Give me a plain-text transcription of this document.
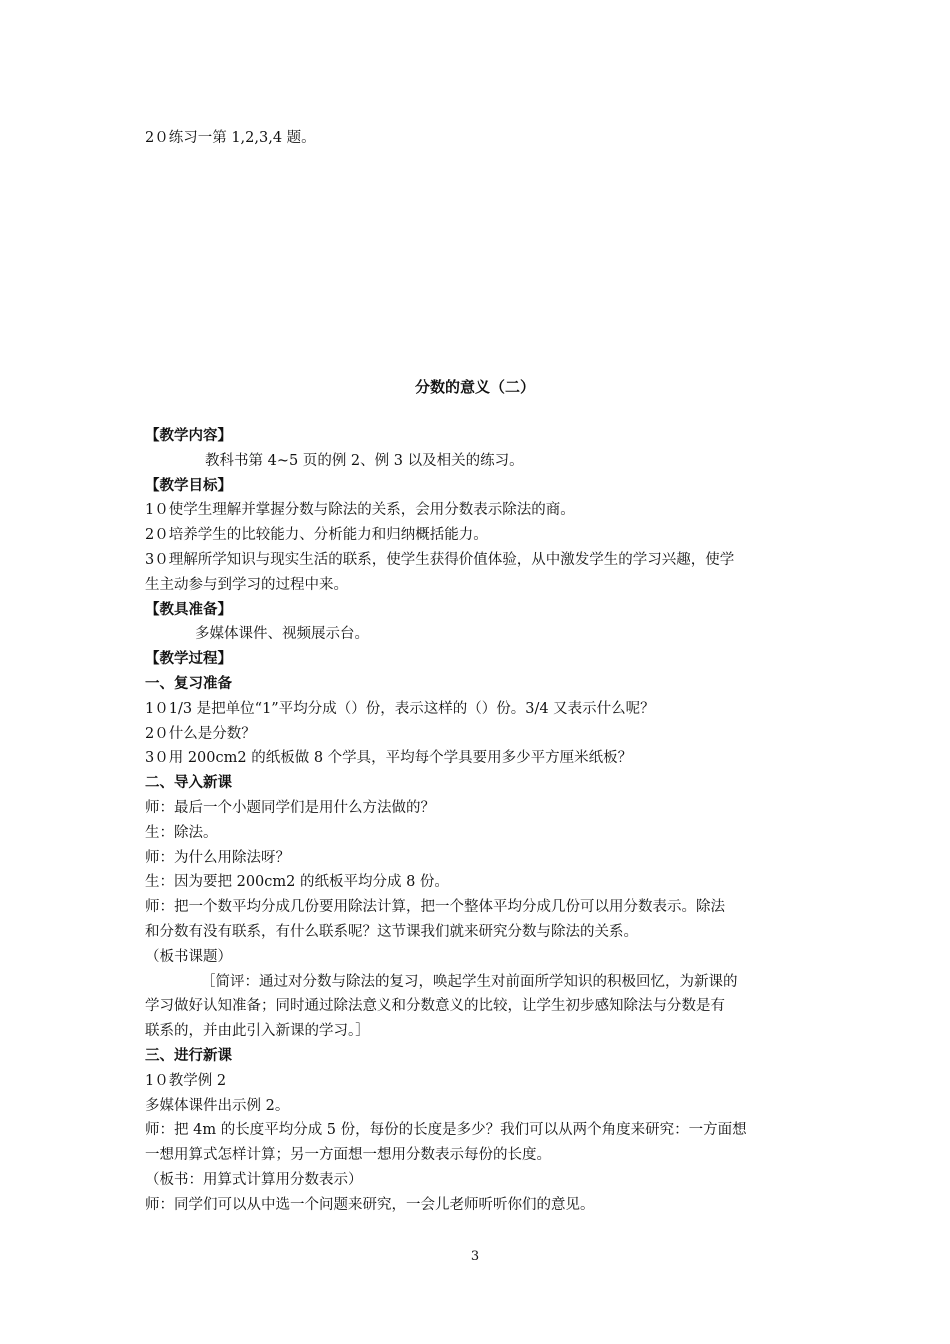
2０练习一第 1,2,3,4 题。
分数的意义（二）
【教学内容】
教科书第 4~5 页的例 2、例 3 以及相关的练习。
【教学目标】
1０使学生理解并掌握分数与除法的关系，会用分数表示除法的商。
2０培养学生的比较能力、分析能力和归纳概括能力。
3０理解所学知识与现实生活的联系，使学生获得价值体验，从中激发学生的学习兴趣，使学
生主动参与到学习的过程中来。
【教具准备】
多媒体课件、视频展示台。
【教学过程】
一、复习准备
1０1/3 是把单位“1”平均分成（）份，表示这样的（）份。3/4 又表示什么呢？
2０什么是分数？
3０用 200cm2 的纸板做 8 个学具，平均每个学具要用多少平方厘米纸板？
二、导入新课
师：最后一个小题同学们是用什么方法做的？
生：除法。
师：为什么用除法呀？
生：因为要把 200cm2 的纸板平均分成 8 份。
师：把一个数平均分成几份要用除法计算，把一个整体平均分成几份可以用分数表示。除法
和分数有没有联系，有什么联系呢？这节课我们就来研究分数与除法的关系。
（板书课题）
［简评：通过对分数与除法的复习，唤起学生对前面所学知识的积极回忆，为新课的
学习做好认知准备；同时通过除法意义和分数意义的比较，让学生初步感知除法与分数是有
联系的，并由此引入新课的学习。］
三、进行新课
1０教学例 2
多媒体课件出示例 2。
师：把 4m 的长度平均分成 5 份，每份的长度是多少？我们可以从两个角度来研究：一方面想
一想用算式怎样计算；另一方面想一想用分数表示每份的长度。
（板书：用算式计算用分数表示）
师：同学们可以从中选一个问题来研究，一会儿老师听听你们的意见。
3
